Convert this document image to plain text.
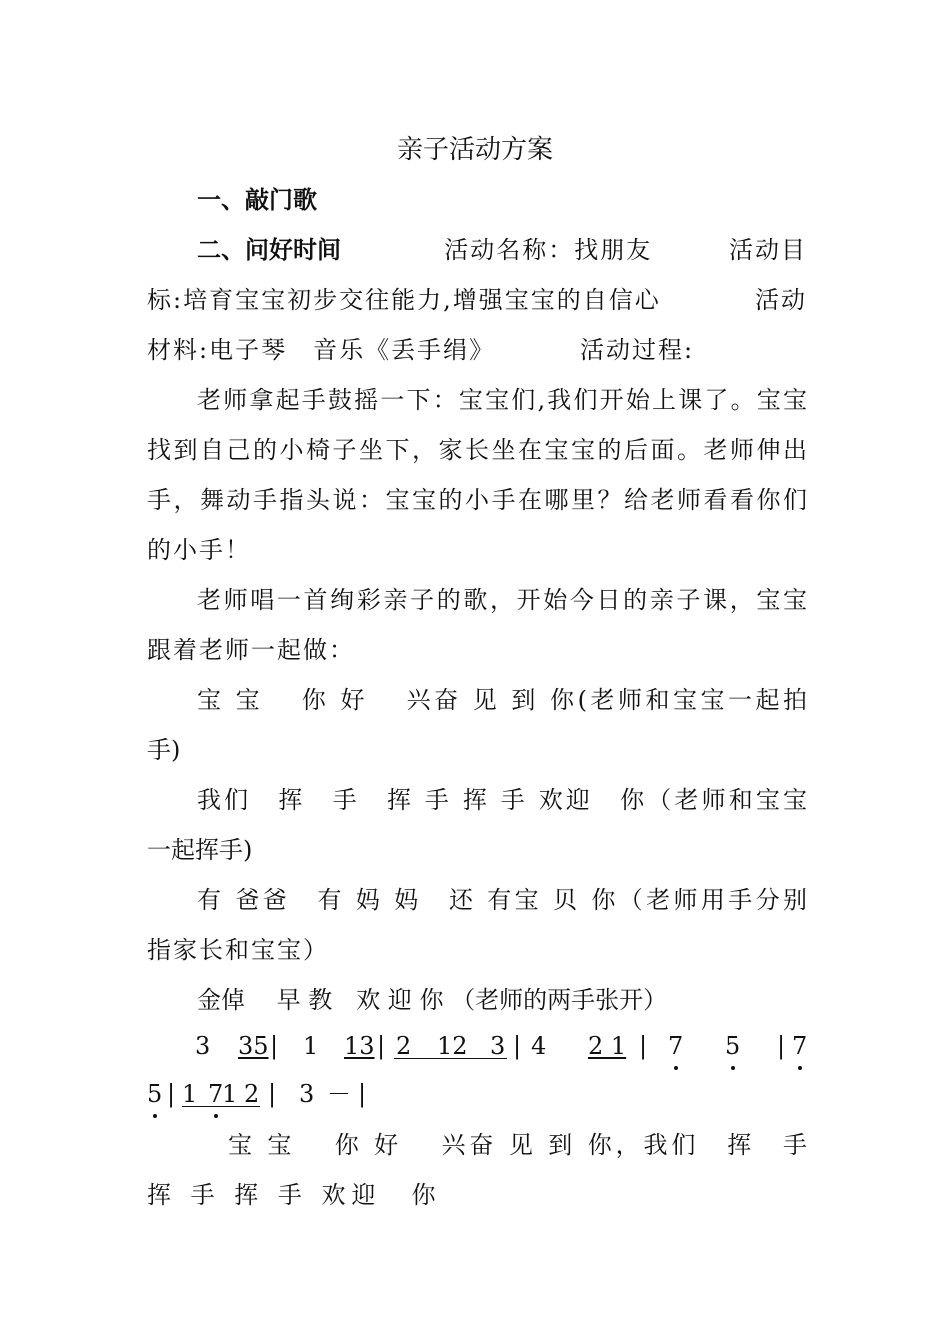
亲子活动方案
一、敲门歌
二、问好时间	活动名称：找朋友	活动目
标:培育宝宝初步交往能力,增强宝宝的自信心	活动
材料:电子琴　音乐《丢手绢》	活动过程:
老师拿起手鼓摇一下：宝宝们,我们开始上课了。宝宝
找到自己的小椅子坐下，家长坐在宝宝的后面。老师伸出
手，舞动手指头说：宝宝的小手在哪里？给老师看看你们
的小手！
老师唱一首绚彩亲子的歌，开始今日的亲子课，宝宝
跟着老师一起做：
宝 宝　 你 好　 兴奋 见 到 你(老师和宝宝一起拍
手)
我们　挥　手　挥 手 挥 手 欢迎　你（老师和宝宝
一起挥手)
有 爸爸　有 妈 妈　还 有宝 贝 你（老师用手分别
指家长和宝宝）
金倬　 早 教　欢 迎 你 （老师的两手张开）
3 35 | 1 13 | 2 12 3 | 4 2 1 | 7 5 | 7
5 | 1 7
1 2 | 3 － |
宝 宝　 你 好　 兴奋 见 到 你，我们　挥　手
挥 手 挥 手 欢迎　你
